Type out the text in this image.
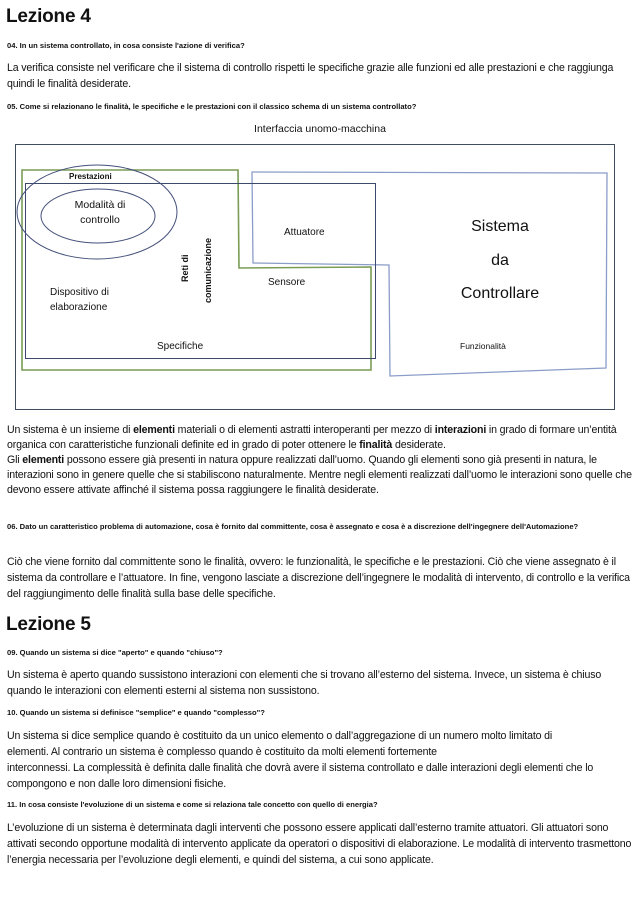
Lezione 4

04. In un sistema controllato, in cosa consiste l'azione di verifica?

La verifica consiste nel verificare che il sistema di controllo rispetti le specifiche grazie alle funzioni ed alle prestazioni e che raggiunga quindi le finalità desiderate.

05. Come si relazionano le finalità, le specifiche e le prestazioni con il classico schema di un sistema controllato?

Interfaccia unomo-macchina
Prestazioni
Modalità di
controllo
Reti di comunicazione
Attuatore
Sensore
Dispositivo di
elaborazione
Specifiche
Sistema
da
Controllare
Funzionalità
Un sistema è un insieme di elementi materiali o di elementi astratti interoperanti per mezzo di interazioni in grado di formare un’entità organica con caratteristiche funzionali definite ed in grado di poter ottenere le finalità desiderate.
Gli elementi possono essere già presenti in natura oppure realizzati dall’uomo. Quando gli elementi sono già presenti in natura, le interazioni sono in genere quelle che si stabiliscono naturalmente. Mentre negli elementi realizzati dall’uomo le interazioni sono quelle che devono essere attivate affinché il sistema possa raggiungere le finalità desiderate.

06. Dato un caratteristico problema di automazione, cosa è fornito dal committente, cosa è assegnato e cosa è a discrezione dell'ingegnere dell'Automazione?

Ciò che viene fornito dal committente sono le finalità, ovvero: le funzionalità, le specifiche e le prestazioni. Ciò che viene assegnato è il sistema da controllare e l’attuatore. In fine, vengono lasciate a discrezione dell’ingegnere le modalità di intervento, di controllo e la verifica del raggiungimento delle finalità sulla base delle specifiche.

Lezione 5

09. Quando un sistema si dice "aperto" e quando "chiuso"?

Un sistema è aperto quando sussistono interazioni con elementi che si trovano all’esterno del sistema. Invece, un sistema è chiuso quando le interazioni con elementi esterni al sistema non sussistono.

10. Quando un sistema si definisce "semplice" e quando "complesso"?

Un sistema si dice semplice quando è costituito da un unico elemento o dall’aggregazione di un numero molto limitato di elementi. Al contrario un sistema è complesso quando è costituito da molti elementi fortemente
interconnessi. La complessità è definita dalle finalità che dovrà avere il sistema controllato e dalle interazioni degli elementi che lo compongono e non dalle loro dimensioni fisiche.

11. In cosa consiste l'evoluzione di un sistema e come si relaziona tale concetto con quello di energia?

L’evoluzione di un sistema è determinata dagli interventi che possono essere applicati dall’esterno tramite attuatori. Gli attuatori sono attivati secondo opportune modalità di intervento applicate da operatori o dispositivi di elaborazione. Le modalità di intervento trasmettono l’energia necessaria per l’evoluzione degli elementi, e quindi del sistema, a cui sono applicate.
